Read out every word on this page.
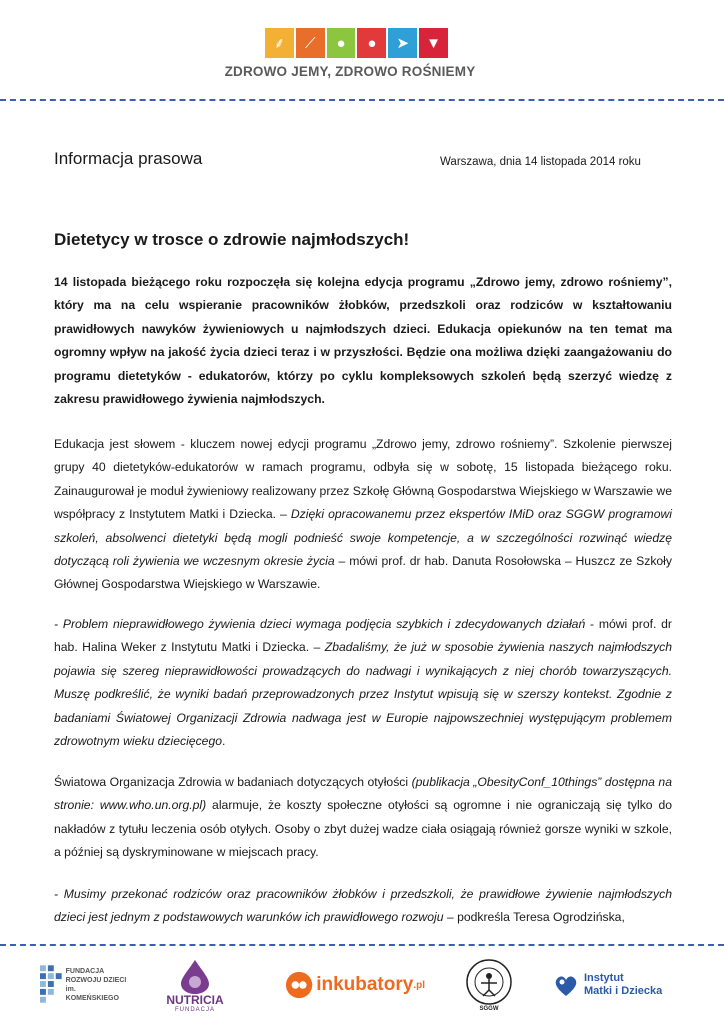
⸙ ⟋ ● ● ➤ ▼
ZDROWO JEMY, ZDROWO ROŚNIEMY
Informacja prasowa	Warszawa, dnia 14 listopada 2014 roku
Dietetycy w trosce o zdrowie najmłodszych!
14 listopada bieżącego roku rozpoczęła się kolejna edycja programu „Zdrowo jemy, zdrowo rośniemy”, który ma na celu wspieranie pracowników żłobków, przedszkoli oraz rodziców w kształtowaniu prawidłowych nawyków żywieniowych u najmłodszych dzieci. Edukacja opiekunów na ten temat ma ogromny wpływ na jakość życia dzieci teraz i w przyszłości. Będzie ona możliwa dzięki zaangażowaniu do programu dietetyków - edukatorów, którzy po cyklu kompleksowych szkoleń będą szerzyć wiedzę z zakresu prawidłowego żywienia najmłodszych.
Edukacja jest słowem - kluczem nowej edycji programu „Zdrowo jemy, zdrowo rośniemy”. Szkolenie pierwszej grupy 40 dietetyków-edukatorów w ramach programu, odbyła się w sobotę, 15 listopada bieżącego roku. Zainaugurował je moduł żywieniowy realizowany przez Szkołę Główną Gospodarstwa Wiejskiego w Warszawie we współpracy z Instytutem Matki i Dziecka. – Dzięki opracowanemu przez ekspertów IMiD oraz SGGW programowi szkoleń, absolwenci dietetyki będą mogli podnieść swoje kompetencje, a w szczególności rozwinąć wiedzę dotyczącą roli żywienia we wczesnym okresie życia – mówi prof. dr hab. Danuta Rosołowska – Huszcz ze Szkoły Głównej Gospodarstwa Wiejskiego w Warszawie.
- Problem nieprawidłowego żywienia dzieci wymaga podjęcia szybkich i zdecydowanych działań - mówi prof. dr hab. Halina Weker z Instytutu Matki i Dziecka. – Zbadaliśmy, że już w sposobie żywienia naszych najmłodszych pojawia się szereg nieprawidłowości prowadzących do nadwagi i wynikających z niej chorób towarzyszących. Muszę podkreślić, że wyniki badań przeprowadzonych przez Instytut wpisują się w szerszy kontekst. Zgodnie z badaniami Światowej Organizacji Zdrowia nadwaga jest w Europie najpowszechniej występującym problemem zdrowotnym wieku dziecięcego.
Światowa Organizacja Zdrowia w badaniach dotyczących otyłości (publikacja „ObesityConf_10things” dostępna na stronie: www.who.un.org.pl) alarmuje, że koszty społeczne otyłości są ogromne i nie ograniczają się tylko do nakładów z tytułu leczenia osób otyłych. Osoby o zbyt dużej wadze ciała osiągają również gorsze wyniki w szkole, a później są dyskryminowane w miejscach pracy.
- Musimy przekonać rodziców oraz pracowników żłobków i przedszkoli, że prawidłowe żywienie najmłodszych dzieci jest jednym z podstawowych warunków ich prawidłowego rozwoju – podkreśla Teresa Ogrodzińska,
FUNDACJA
ROZWOJU DZIECI
im. KOMEŃSKIEGO	NUTRICIA
FUNDACJA
inkubatory .pl
SGGW
Instytut
Matki i Dziecka
